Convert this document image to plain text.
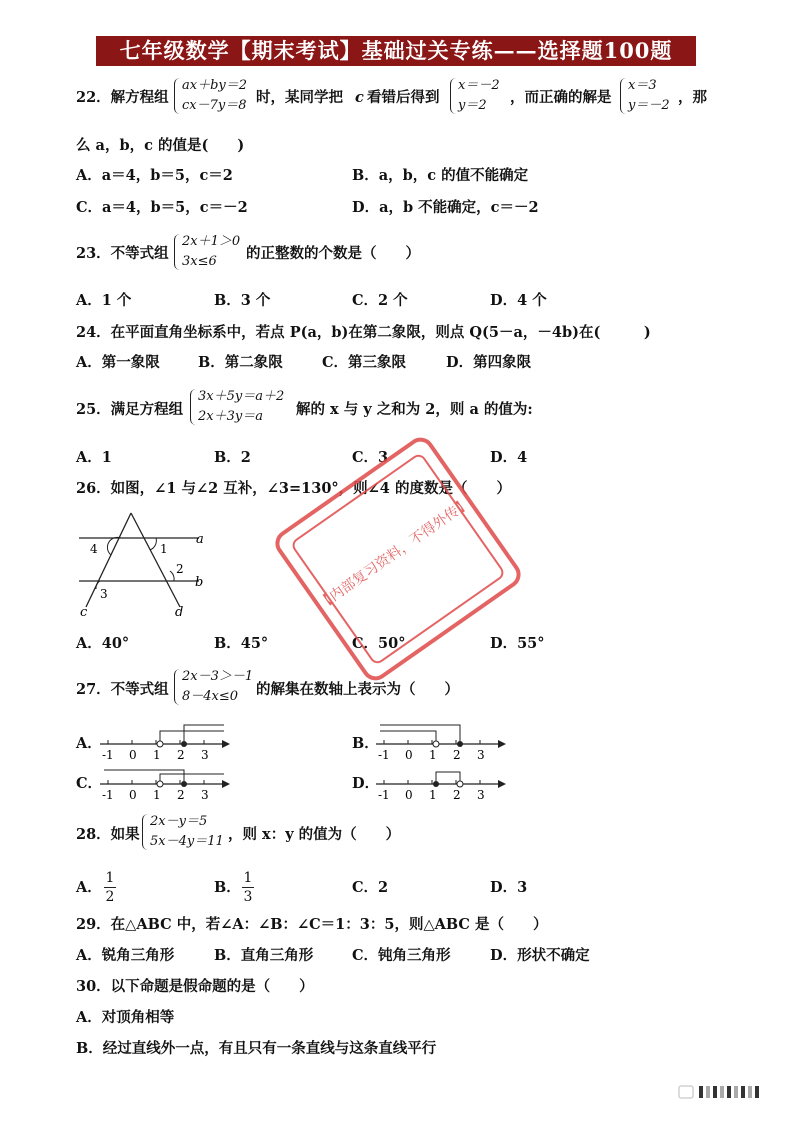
七年级数学【期末考试】基础过关专练——选择题100题
22．解方程组
ax＋by＝2
cx－7y＝8 时，某同学把 c 看错后得到
x＝－2
y＝2	，而正确的解是
x＝3
y＝－2 ，那
么 a，b，c 的值是(　　)
A．a＝4，b＝5，c＝2	B．a，b，c 的值不能确定
C．a＝4，b＝5，c＝－2	D．a，b 不能确定，c＝－2
23．不等式组
2x＋1＞0
3x≤6	的正整数的个数是（　　）
A．1 个	B．3 个	C．2 个	D．4 个
24．在平面直角坐标系中，若点 P(a，b)在第二象限，则点 Q(5－a，－4b)在(　　　)
A．第一象限	B．第二象限	C．第三象限	D．第四象限
25．满足方程组
3x＋5y＝a＋2
2x＋3y＝a	解的 x 与 y 之和为 2，则 a 的值为:
A．1	B．2	C．3	D．4
26．如图，∠1 与∠2 互补，∠3=130°，则∠4 的度数是（　　）
a
b
c	d
1
2
3
4
A．40°	B．45°	C．50°	D．55°
27．不等式组
2x－3＞－1
8－4x≤0	的解集在数轴上表示为（　　）
A．	B．
C．	D．
-1 0 1 2 3	-1 0 1 2 3
-1 0 1 2 3	-1 0 1 2 3
28．如果
2x－y＝5
5x－4y＝11 ，则 x：y 的值为（　　）
A．
1
2
B．
1
3
C．2	D．3
29．在△ABC 中，若∠A：∠B：∠C＝1：3：5，则△ABC 是（　　）
A．锐角三角形	B．直角三角形	C．钝角三角形	D．形状不确定
30．以下命题是假命题的是（　　）
A．对顶角相等
B．经过直线外一点，有且只有一条直线与这条直线平行
【内部复习资料，不得外传】
